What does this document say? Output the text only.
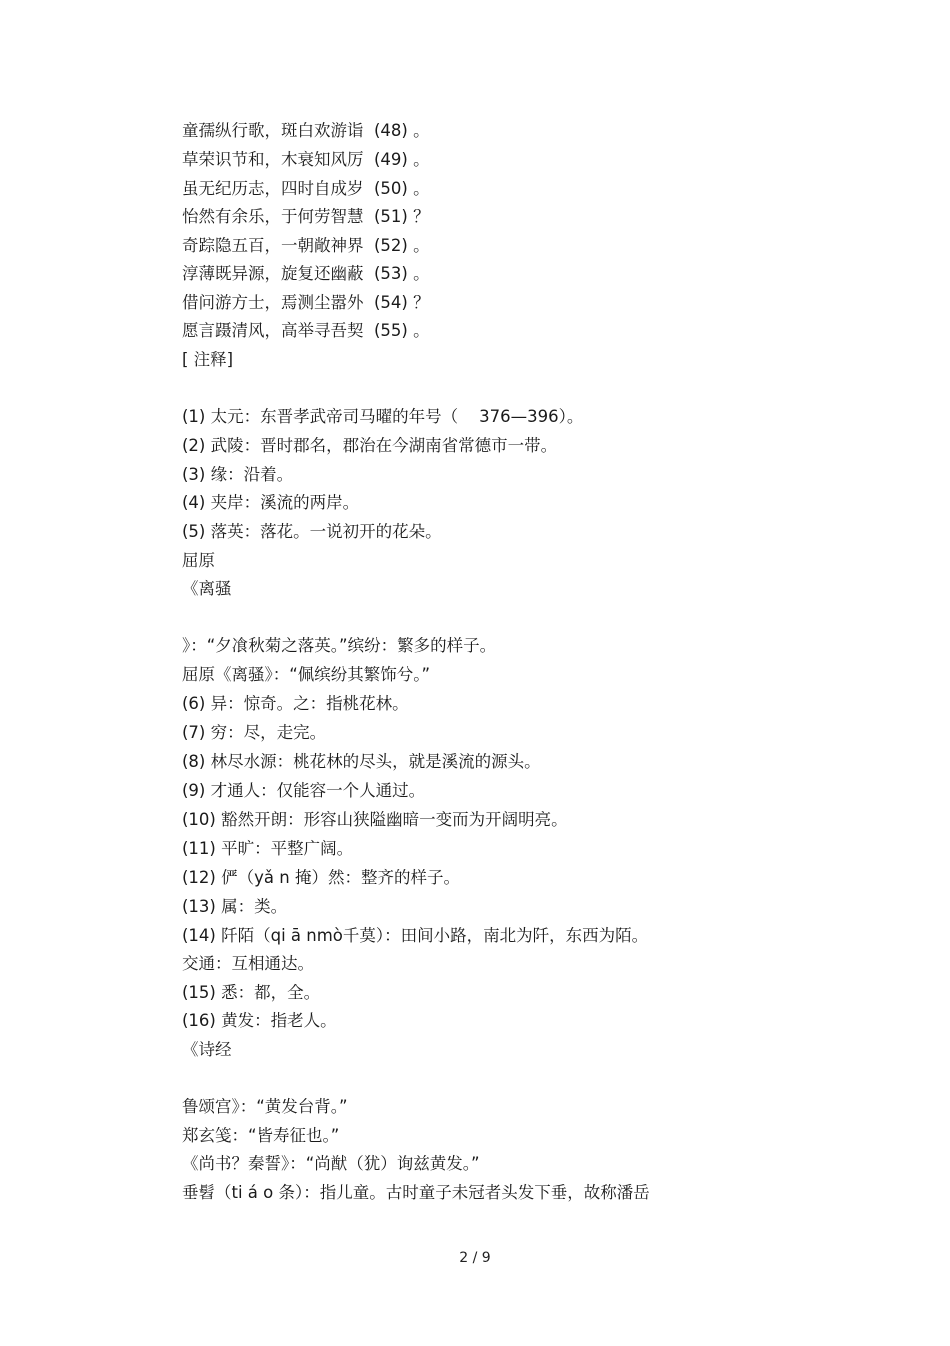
童孺纵行歌，斑白欢游诣  (48) 。
草荣识节和，木衰知风厉  (49) 。
虽无纪历志，四时自成岁  (50) 。
怡然有余乐，于何劳智慧  (51) ？
奇踪隐五百，一朝敞神界  (52) 。
淳薄既异源，旋复还幽蔽  (53) 。
借问游方士，焉测尘嚣外  (54) ？
愿言蹑清风，高举寻吾契  (55) 。
[ 注释]
(1) 太元：东晋孝武帝司马曜的年号（    376—396）。
(2) 武陵：晋时郡名，郡治在今湖南省常德市一带。
(3) 缘：沿着。
(4) 夹岸：溪流的两岸。
(5) 落英：落花。一说初开的花朵。
屈原
《离骚
》：“夕飡秋菊之落英。”缤纷：繁多的样子。
屈原《离骚》：“佩缤纷其繁饰兮。”
(6) 异：惊奇。之：指桃花林。
(7) 穷：尽，走完。
(8) 林尽水源：桃花林的尽头，就是溪流的源头。
(9) 才通人：仅能容一个人通过。
(10) 豁然开朗：形容山狭隘幽暗一变而为开阔明亮。
(11) 平旷：平整广阔。
(12) 俨（yǎ n 掩）然：整齐的样子。
(13) 属：类。
(14) 阡陌（qi ā nmò千莫）：田间小路，南北为阡，东西为陌。
交通：互相通达。
(15) 悉：都，全。
(16) 黄发：指老人。
《诗经
鲁颂宫》：“黄发台背。”
郑玄笺：“皆寿征也。”
《尚书？秦誓》：“尚猷（犹）询兹黄发。”
垂髫（ti á o 条）：指儿童。古时童子未冠者头发下垂，故称潘岳
2 / 9
